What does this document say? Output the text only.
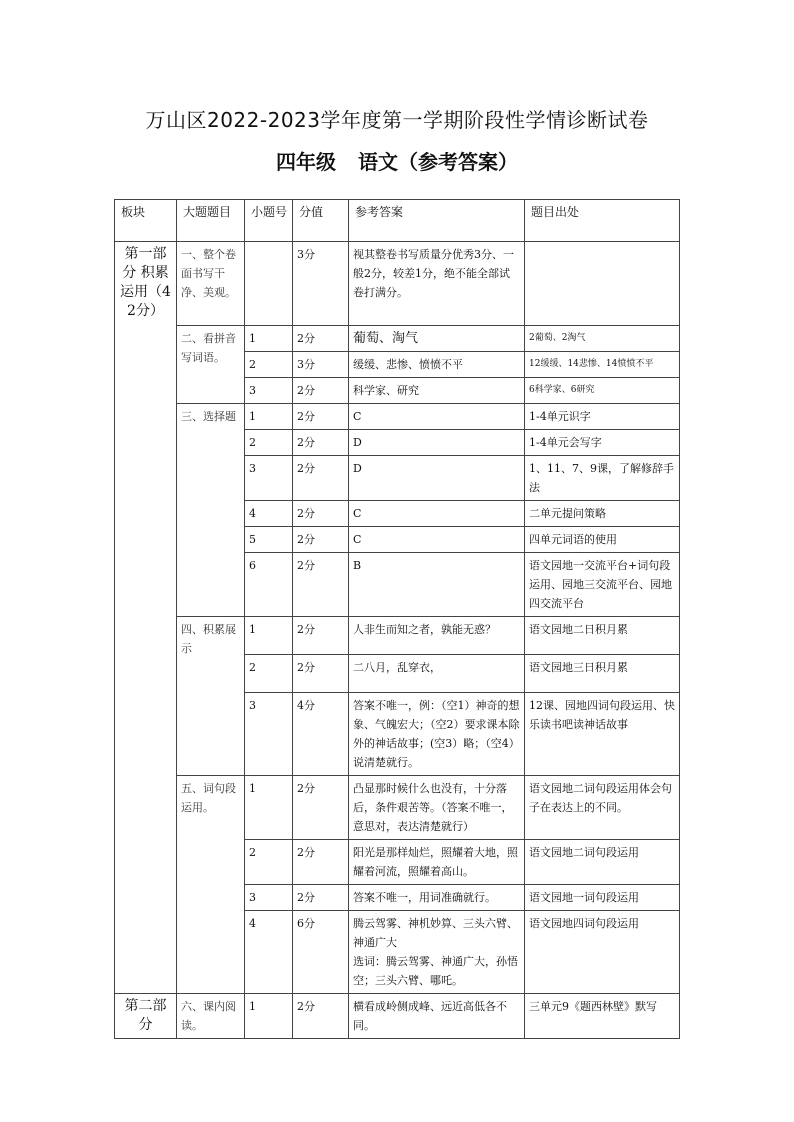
万山区2022-2023学年度第一学期阶段性学情诊断试卷
四年级 语文（参考答案）
板块	大题题目	小题号	分值	参考答案	题目出处
第一部分 积累运用（42分）	一、整个卷面书写干净、美观。		3分	视其整卷书写质量分优秀3分、一般2分，较差1分，绝不能全部试卷打满分。	
	二、看拼音写词语。	1	2分	葡萄、淘气	2葡萄、2淘气
		2	3分	缓缓、悲惨、愤愤不平	12缓缓、14悲惨、14愤愤不平
		3	2分	科学家、研究	6科学家、6研究
	三、选择题	1	2分	C	1-4单元识字
		2	2分	D	1-4单元会写字
		3	2分	D	1、11、7、9课，了解修辞手法
		4	2分	C	二单元提问策略
		5	2分	C	四单元词语的使用
		6	2分	B	语文园地一交流平台+词句段运用、园地三交流平台、园地四交流平台
	四、积累展示	1	2分	人非生而知之者，孰能无惑？	语文园地二日积月累
		2	2分	二八月，乱穿衣，	语文园地三日积月累
		3	4分	答案不唯一，例：（空1）神奇的想象、气魄宏大；（空2）要求课本除外的神话故事；(空3）略；（空4）说清楚就行。	12课、园地四词句段运用、快乐读书吧读神话故事
	五、词句段运用。	1	2分	凸显那时候什么也没有，十分落后，条件艰苦等。（答案不唯一，意思对，表达清楚就行）	语文园地二词句段运用体会句子在表达上的不同。
		2	2分	阳光是那样灿烂，照耀着大地，照耀着河流，照耀着高山。	语文园地二词句段运用
		3	2分	答案不唯一，用词准确就行。	语文园地一词句段运用
		4	6分	腾云驾雾、神机妙算、三头六臂、神通广大
选词：腾云驾雾、神通广大，孙悟空；三头六臂、哪吒。	语文园地四词句段运用
第二部分	六、课内阅读。	1	2分	横看成岭侧成峰、远近高低各不同。	三单元9《题西林壁》默写
